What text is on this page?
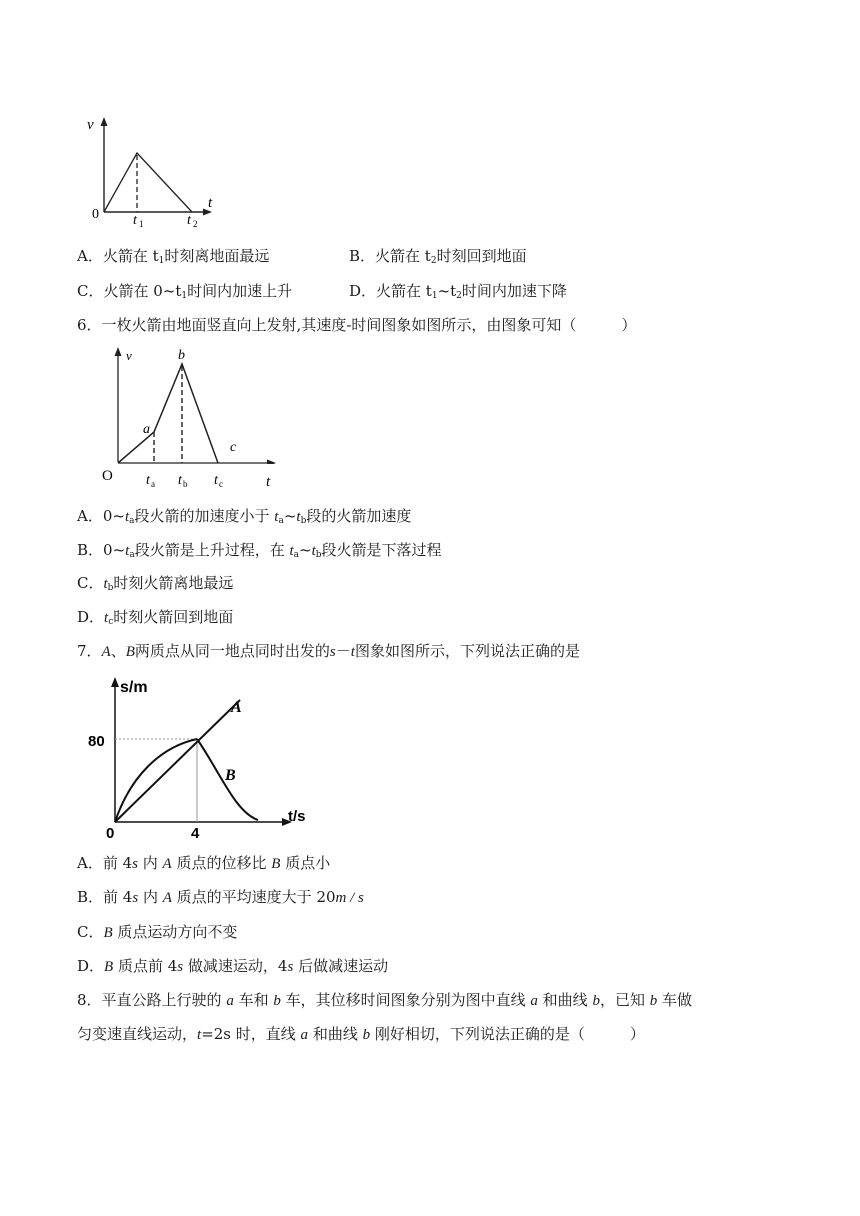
v
t
0 t 1	t 2
A．火箭在 $t_1$时刻离地面最远	B．火箭在 $t_2$时刻回到地面
C．火箭在 $0\sim t_1$时间内加速上升	D．火箭在 $t_1\sim t_2$时间内加速下降
6．一枚火箭由地面竖直向上发射,其速度-时间图象如图所示，由图象可知（　　　）
v
a
b
c
O t a t b t c	t
A．$0\sim t_a$段火箭的加速度小于 $t_a\sim t_b$段的火箭加速度
B．$0\sim t_a$段火箭是上升过程，在 $t_a\sim t_b$段火箭是下落过程
C．$t_b$时刻火箭离地最远
D．$t_c$时刻火箭回到地面
7．A、B两质点从同一地点同时出发的s－t图象如图所示，下列说法正确的是
s/m
t/s
80
4
0
A
B
A．前 4s 内 A 质点的位移比 B 质点小
B．前 4s 内 A 质点的平均速度大于 20m / s
C．B 质点运动方向不变
D．B 质点前 4s 做减速运动，4s 后做减速运动
8．平直公路上行驶的 a 车和 b 车，其位移时间图象分别为图中直线 a 和曲线 b，已知 b 车做
匀变速直线运动，t=2s 时，直线 a 和曲线 b 刚好相切，下列说法正确的是（　　　）
